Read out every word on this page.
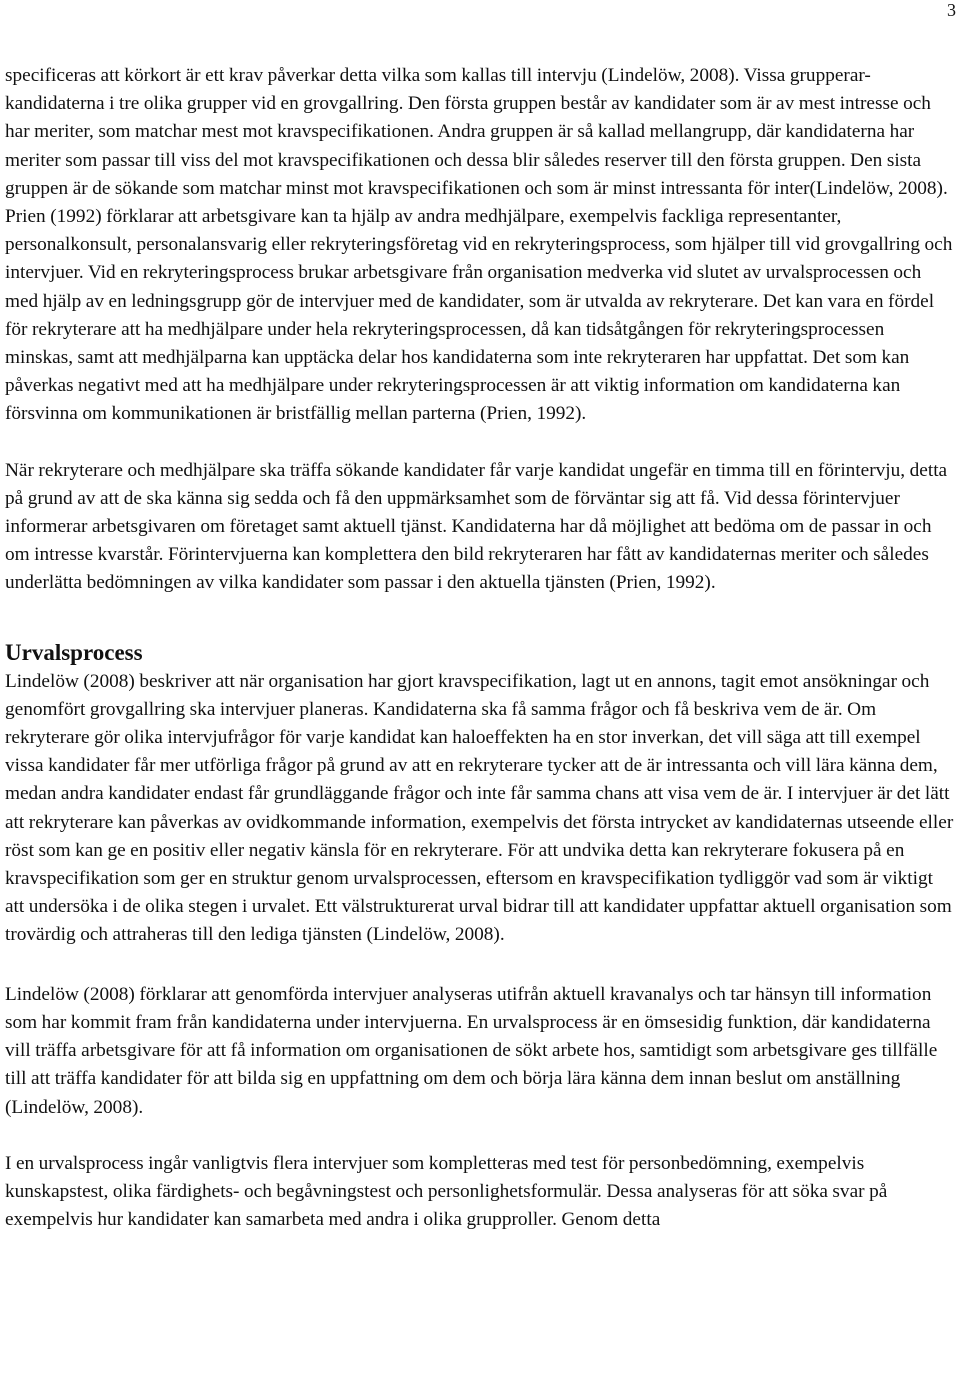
3

specificeras att körkort är ett krav påverkar detta vilka som kallas till intervju (Lindelöw, 2008). Vissa grupperar-kandidaterna i tre olika grupper vid en grovgallring. Den första gruppen består av kandidater som är av mest intresse och har meriter, som matchar mest mot kravspecifikationen. Andra gruppen är så kallad mellangrupp, där kandidaterna har meriter som passar till viss del mot kravspecifikationen och dessa blir således reserver till den första gruppen. Den sista gruppen är de sökande som matchar minst mot kravspecifikationen och som är minst intressanta för inter(Lindelöw, 2008). Prien (1992) förklarar att arbetsgivare kan ta hjälp av andra medhjälpare, exempelvis fackliga representanter, personalkonsult, personalansvarig eller rekryteringsföretag vid en rekryteringsprocess, som hjälper till vid grovgallring och intervjuer. Vid en rekryteringsprocess brukar arbetsgivare från organisation medverka vid slutet av urvalsprocessen och med hjälp av en ledningsgrupp gör de intervjuer med de kandidater, som är utvalda av rekryterare. Det kan vara en fördel för rekryterare att ha medhjälpare under hela rekryteringsprocessen, då kan tidsåtgången för rekryteringsprocessen minskas, samt att medhjälparna kan upptäcka delar hos kandidaterna som inte rekryteraren har uppfattat. Det som kan påverkas negativt med att ha medhjälpare under rekryteringsprocessen är att viktig information om kandidaterna kan försvinna om kommunikationen är bristfällig mellan parterna (Prien, 1992).

När rekryterare och medhjälpare ska träffa sökande kandidater får varje kandidat ungefär en timma till en förintervju, detta på grund av att de ska känna sig sedda och få den uppmärksamhet som de förväntar sig att få. Vid dessa förintervjuer informerar arbetsgivaren om företaget samt aktuell tjänst. Kandidaterna har då möjlighet att bedöma om de passar in och om intresse kvarstår. Förintervjuerna kan komplettera den bild rekryteraren har fått av kandidaternas meriter och således underlätta bedömningen av vilka kandidater som passar i den aktuella tjänsten (Prien, 1992).

Urvalsprocess

Lindelöw (2008) beskriver att när organisation har gjort kravspecifikation, lagt ut en annons, tagit emot ansökningar och genomfört grovgallring ska intervjuer planeras. Kandidaterna ska få samma frågor och få beskriva vem de är. Om rekryterare gör olika intervjufrågor för varje kandidat kan haloeffekten ha en stor inverkan, det vill säga att till exempel vissa kandidater får mer utförliga frågor på grund av att en rekryterare tycker att de är intressanta och vill lära känna dem, medan andra kandidater endast får grundläggande frågor och inte får samma chans att visa vem de är. I intervjuer är det lätt att rekryterare kan påverkas av ovidkommande information, exempelvis det första intrycket av kandidaternas utseende eller röst som kan ge en positiv eller negativ känsla för en rekryterare. För att undvika detta kan rekryterare fokusera på en kravspecifikation som ger en struktur genom urvalsprocessen, eftersom en kravspecifikation tydliggör vad som är viktigt att undersöka i de olika stegen i urvalet. Ett välstrukturerat urval bidrar till att kandidater uppfattar aktuell organisation som trovärdig och attraheras till den lediga tjänsten (Lindelöw, 2008).

Lindelöw (2008) förklarar att genomförda intervjuer analyseras utifrån aktuell kravanalys och tar hänsyn till information som har kommit fram från kandidaterna under intervjuerna. En urvalsprocess är en ömsesidig funktion, där kandidaterna vill träffa arbetsgivare för att få information om organisationen de sökt arbete hos, samtidigt som arbetsgivare ges tillfälle till att träffa kandidater för att bilda sig en uppfattning om dem och börja lära känna dem innan beslut om anställning (Lindelöw, 2008).

I en urvalsprocess ingår vanligtvis flera intervjuer som kompletteras med test för personbedömning, exempelvis kunskapstest, olika färdighets- och begåvningstest och personlighetsformulär. Dessa analyseras för att söka svar på exempelvis hur kandidater kan samarbeta med andra i olika grupproller. Genom detta
